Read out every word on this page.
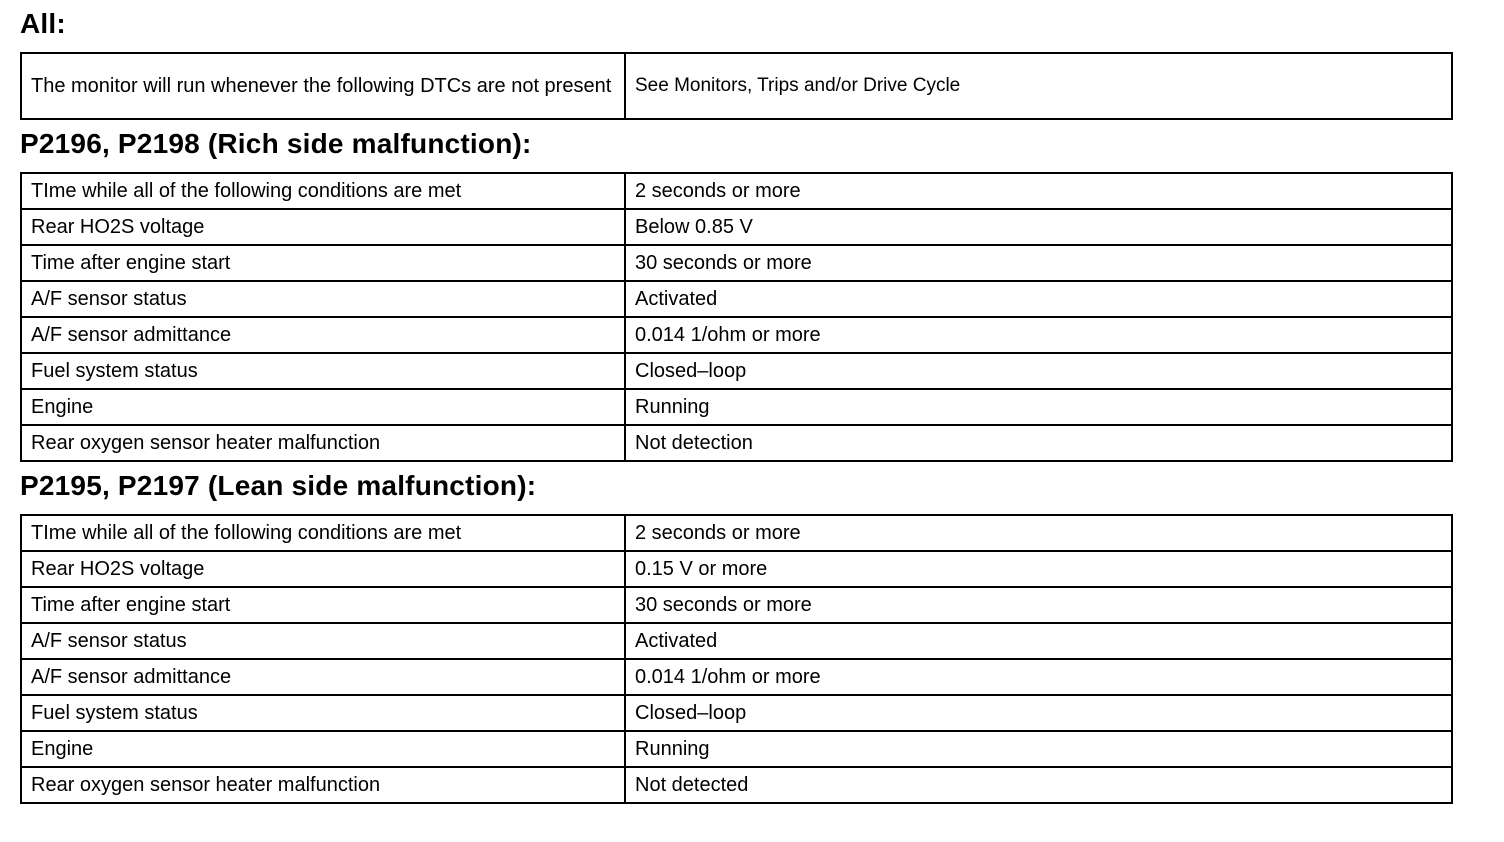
All:
The monitor will run whenever the following DTCs are not present	See Monitors, Trips and/or Drive Cycle
P2196, P2198 (Rich side malfunction):
TIme while all of the following conditions are met	2 seconds or more
Rear HO2S voltage	Below 0.85 V
Time after engine start	30 seconds or more
A/F sensor status	Activated
A/F sensor admittance	0.014 1/ohm or more
Fuel system status	Closed–loop
Engine	Running
Rear oxygen sensor heater malfunction	Not detection
P2195, P2197 (Lean side malfunction):
TIme while all of the following conditions are met	2 seconds or more
Rear HO2S voltage	0.15 V or more
Time after engine start	30 seconds or more
A/F sensor status	Activated
A/F sensor admittance	0.014 1/ohm or more
Fuel system status	Closed–loop
Engine	Running
Rear oxygen sensor heater malfunction	Not detected
